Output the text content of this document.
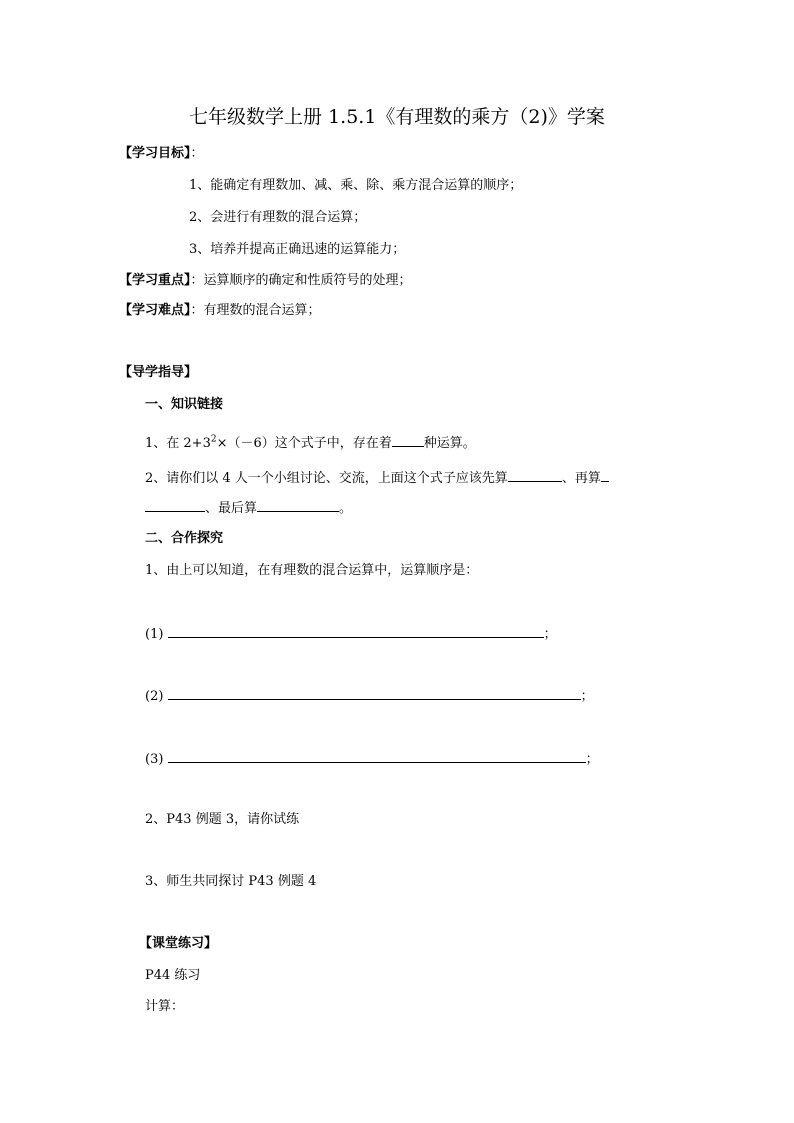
七年级数学上册 1.5.1《有理数的乘方（2)》学案
【学习目标】：
1、能确定有理数加、减、乘、除、乘方混合运算的顺序；
2、会进行有理数的混合运算；
3、培养并提高正确迅速的运算能力；
【学习重点】：运算顺序的确定和性质符号的处理；
【学习难点】：有理数的混合运算；
【导学指导】
一、知识链接
1、在 $2+3^2\times(-6)$这个式子中，存在着 种运算。
2、请你们以 4 人一个小组讨论、交流，上面这个式子应该先算	、再算
、最后算	。
二、合作探究
1、由上可以知道，在有理数的混合运算中，运算顺序是：
(1)	；
(2)	；
(3)	；
2、P43 例题 3，请你试练
3、师生共同探讨 P43 例题 4
【课堂练习】
P44 练习
计算：
